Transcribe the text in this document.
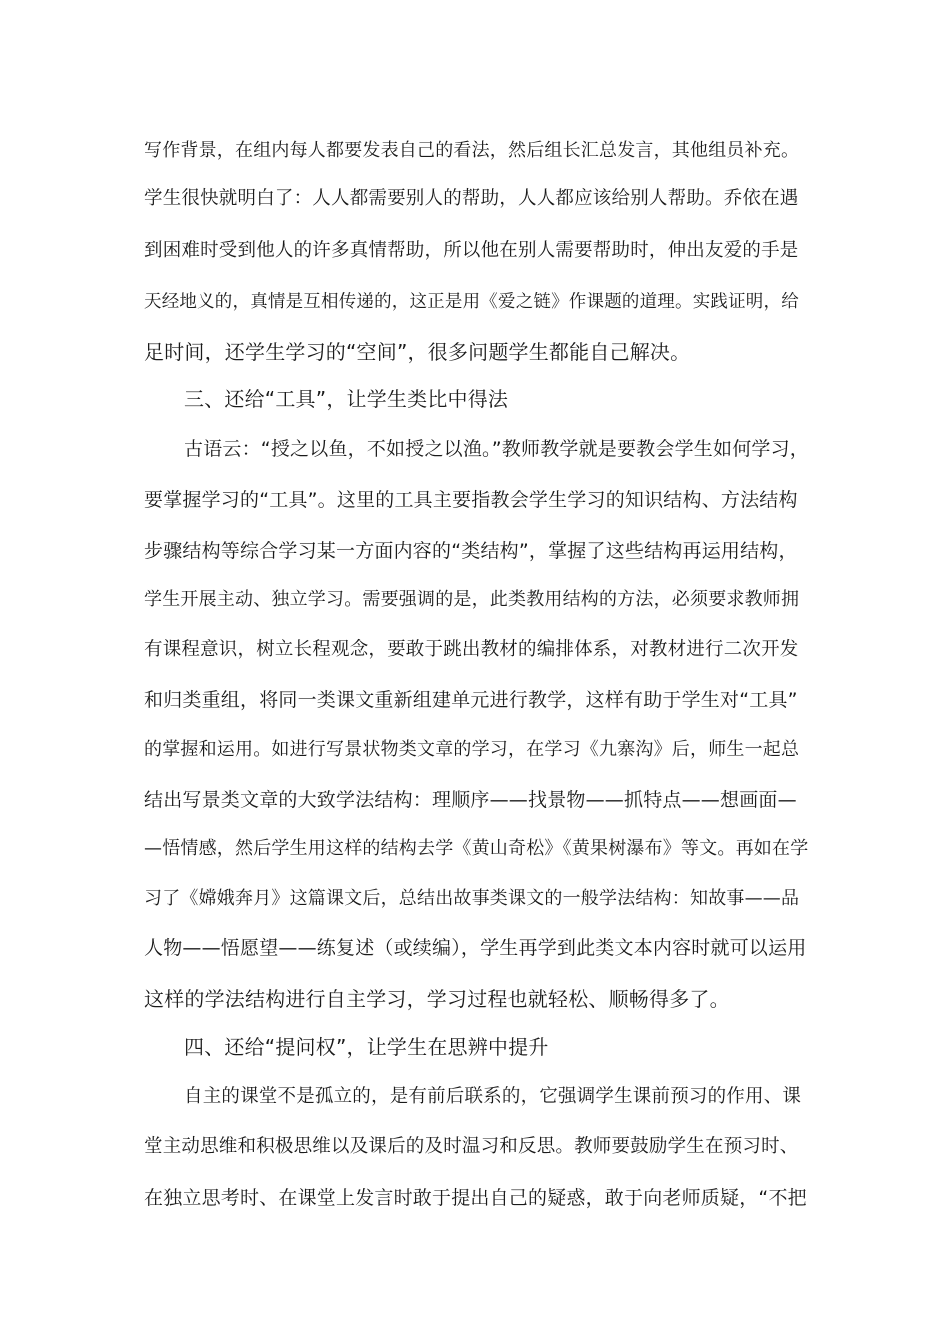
写作背景，在组内每人都要发表自己的看法，然后组长汇总发言，其他组员补充。
学生很快就明白了：人人都需要别人的帮助，人人都应该给别人帮助。乔依在遇
到困难时受到他人的许多真情帮助，所以他在别人需要帮助时，伸出友爱的手是
天经地义的，真情是互相传递的，这正是用《爱之链》作课题的道理。实践证明，给
足时间，还学生学习的“空间”，很多问题学生都能自己解决。
三、还给“工具”，让学生类比中得法
古语云：“授之以鱼，不如授之以渔。”教师教学就是要教会学生如何学习，
要掌握学习的“工具”。这里的工具主要指教会学生学习的知识结构、方法结构
步骤结构等综合学习某一方面内容的“类结构”，掌握了这些结构再运用结构，
学生开展主动、独立学习。需要强调的是，此类教用结构的方法，必须要求教师拥
有课程意识，树立长程观念，要敢于跳出教材的编排体系，对教材进行二次开发
和归类重组，将同一类课文重新组建单元进行教学，这样有助于学生对“工具”
的掌握和运用。如进行写景状物类文章的学习，在学习《九寨沟》后，师生一起总
结出写景类文章的大致学法结构：理顺序——找景物——抓特点——想画面—
—悟情感，然后学生用这样的结构去学《黄山奇松》《黄果树瀑布》等文。再如在学
习了《嫦娥奔月》这篇课文后，总结出故事类课文的一般学法结构：知故事——品
人物——悟愿望——练复述（或续编），学生再学到此类文本内容时就可以运用
这样的学法结构进行自主学习，学习过程也就轻松、顺畅得多了。
四、还给“提问权”，让学生在思辨中提升
自主的课堂不是孤立的，是有前后联系的，它强调学生课前预习的作用、课
堂主动思维和积极思维以及课后的及时温习和反思。教师要鼓励学生在预习时、
在独立思考时、在课堂上发言时敢于提出自己的疑惑，敢于向老师质疑，“不把
